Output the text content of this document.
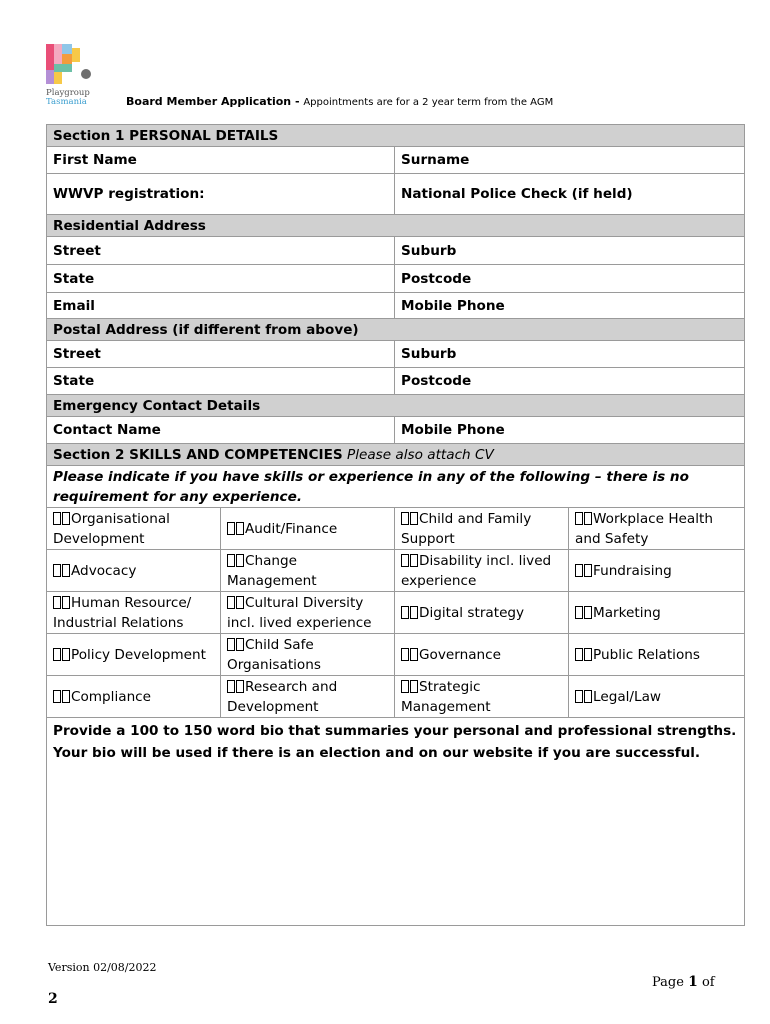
Playgroup
Tasmania	Board Member Application - Appointments are for a 2 year term from the AGM
Section 1 PERSONAL DETAILS			
First Name		Surname	
WWVP registration:		National Police Check (if held)	
Residential Address			
Street		Suburb	
State		Postcode	
Email		Mobile Phone	
Postal Address (if different from above)			
Street		Suburb	
State		Postcode	
Emergency Contact Details			
Contact Name		Mobile Phone	
Section 2 SKILLS AND COMPETENCIES Please also attach CV			
Please indicate if you have skills or experience in any of the following – there is no requirement for any experience.			
Organisational Development	Audit/Finance	Child and Family Support	Workplace Health and Safety
Advocacy	Change Management	Disability incl. lived experience	Fundraising
Human Resource/ Industrial Relations	Cultural Diversity incl. lived experience	Digital strategy	Marketing
Policy Development	Child Safe Organisations	Governance	Public Relations
Compliance	Research and Development	Strategic Management	Legal/Law
Provide a 100 to 150 word bio that summaries your personal and professional strengths. Your bio will be used if there is an election and on our website if you are successful.			
Version 02/08/2022
Page 1 of
2
